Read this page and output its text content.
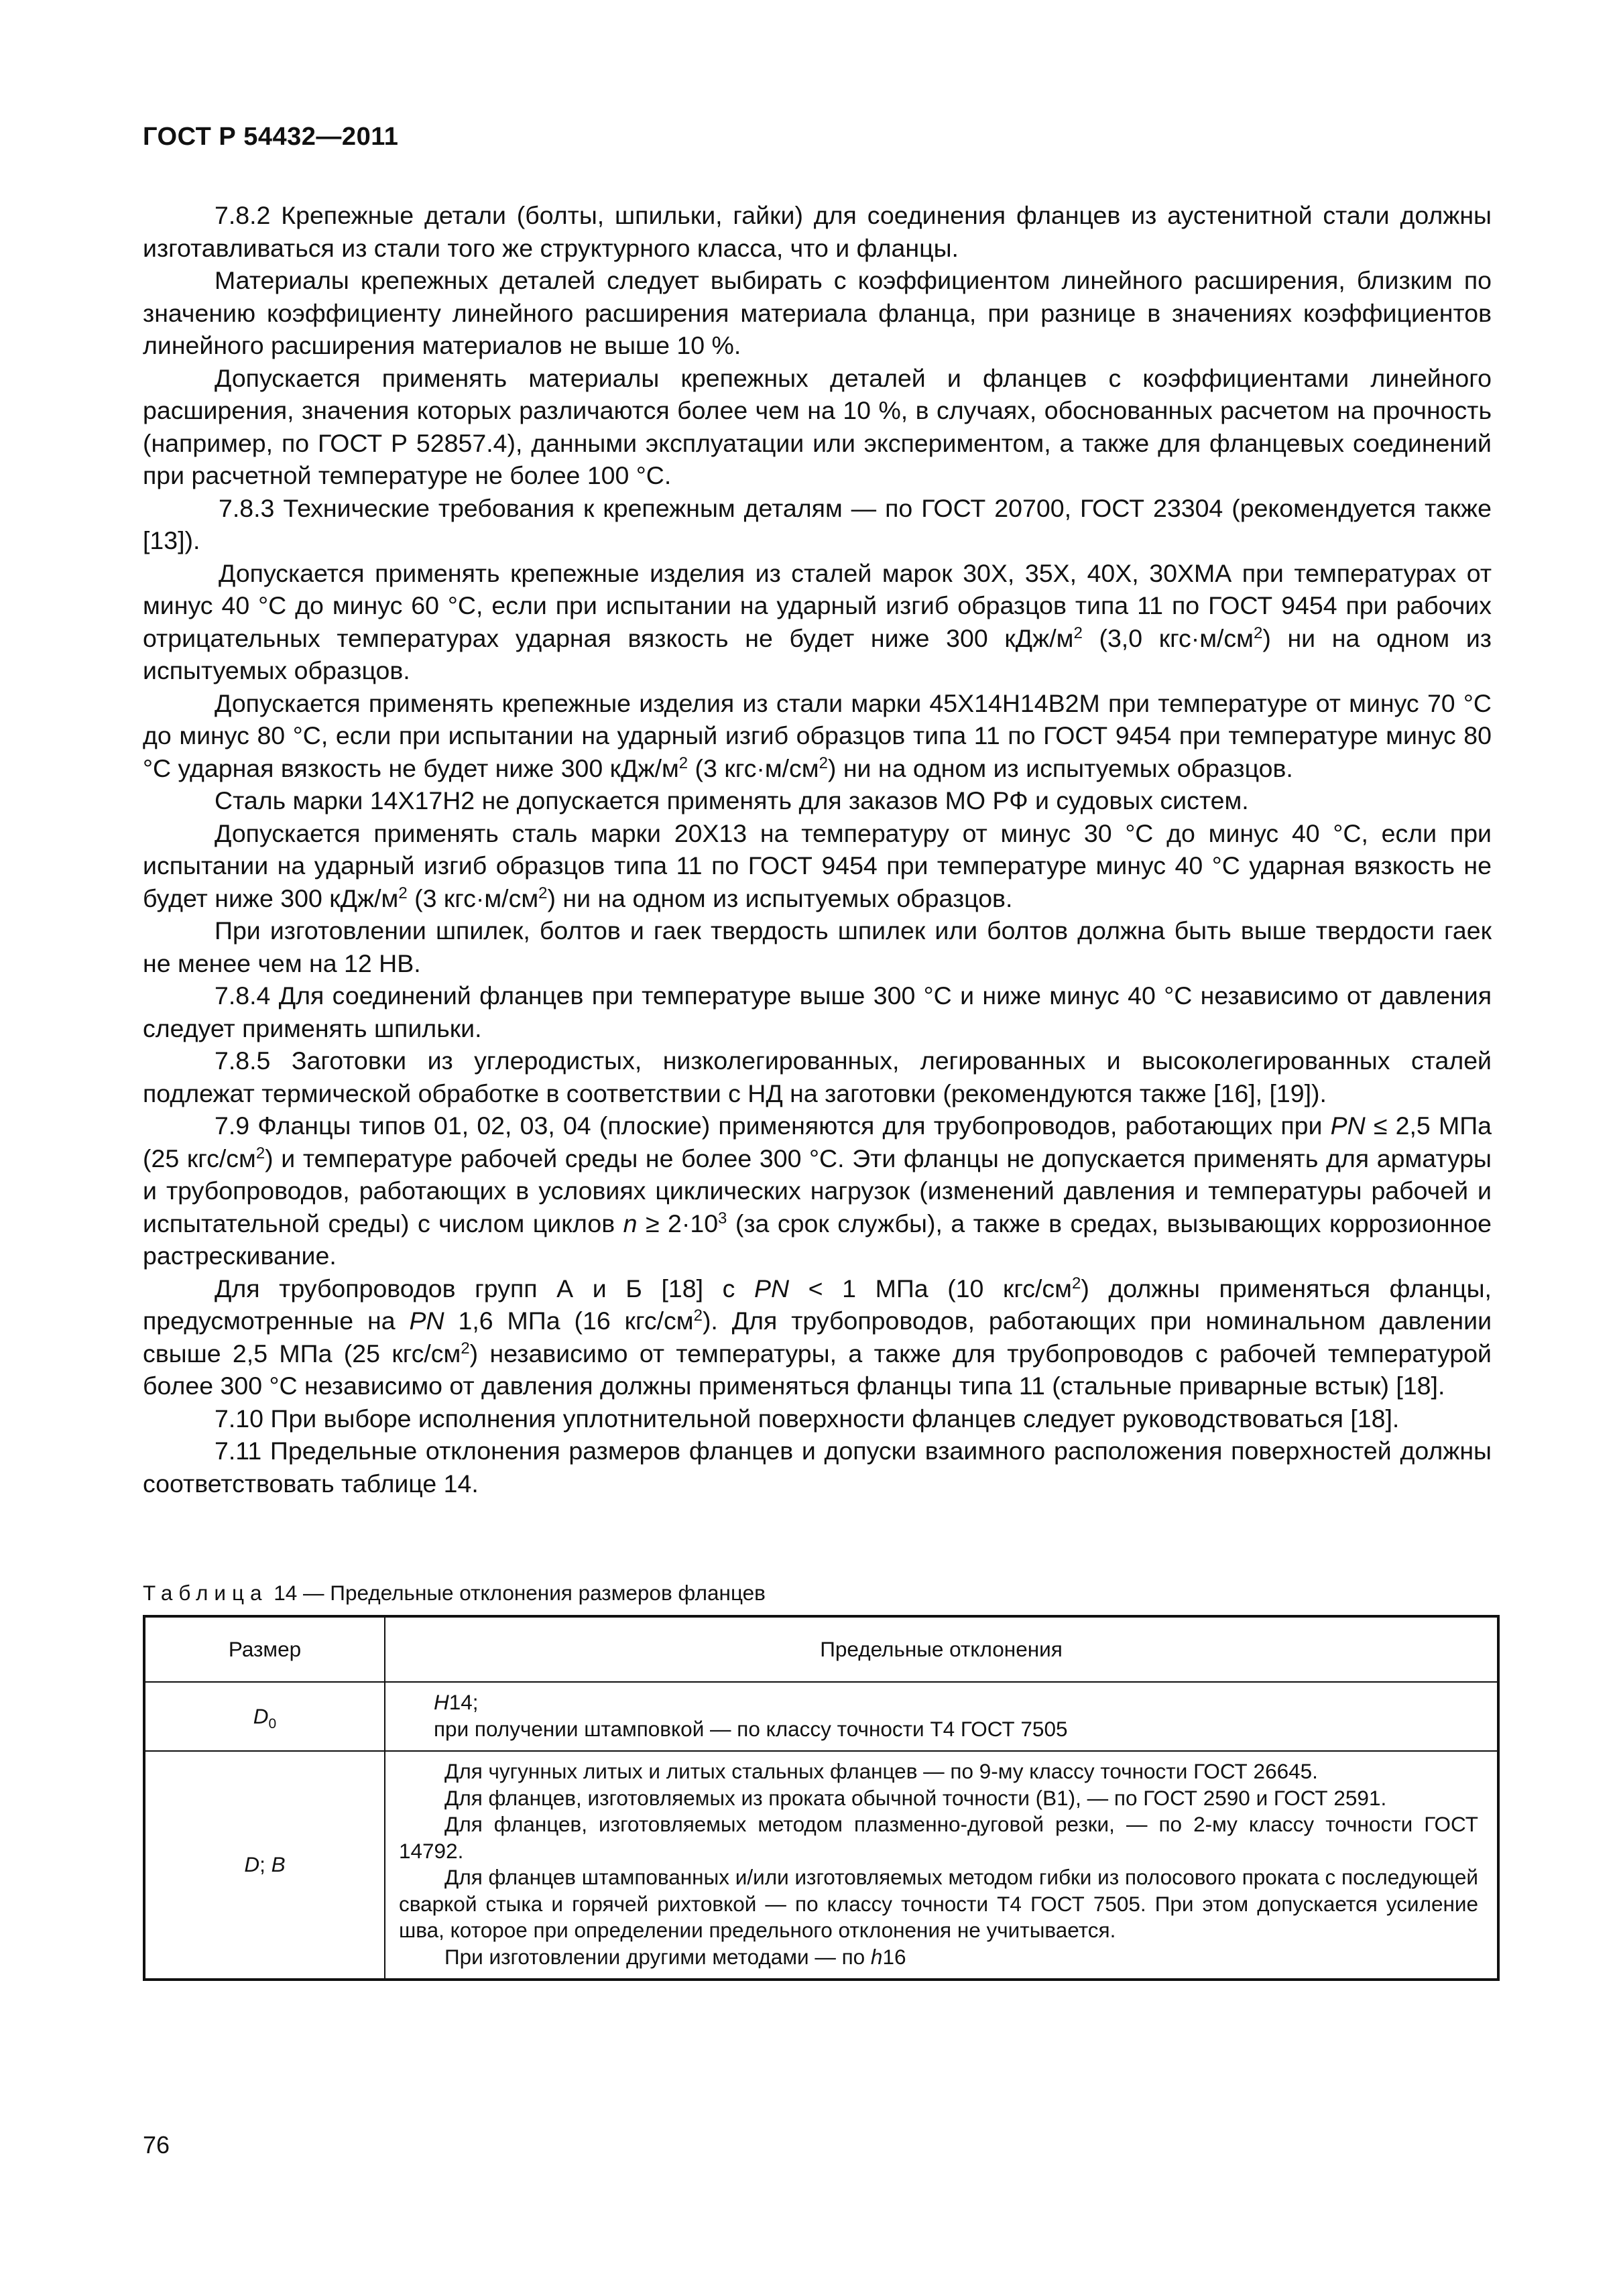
ГОСТ Р 54432—2011

7.8.2 Крепежные детали (болты, шпильки, гайки) для соединения фланцев из аустенитной стали должны изготавливаться из стали того же структурного класса, что и фланцы.

Материалы крепежных деталей следует выбирать с коэффициентом линейного расширения, близким по значению коэффициенту линейного расширения материала фланца, при разнице в значениях коэффициентов линейного расширения материалов не выше 10 %.

Допускается применять материалы крепежных деталей и фланцев с коэффициентами линейного расширения, значения которых различаются более чем на 10 %, в случаях, обоснованных расчетом на прочность (например, по ГОСТ Р 52857.4), данными эксплуатации или экспериментом, а также для фланцевых соединений при расчетной температуре не более 100 °С.

7.8.3 Технические требования к крепежным деталям — по ГОСТ 20700, ГОСТ 23304 (рекомендуется также [13]).

Допускается применять крепежные изделия из сталей марок 30Х, 35Х, 40Х, 30ХМА при температурах от минус 40 °С до минус 60 °С, если при испытании на ударный изгиб образцов типа 11 по ГОСТ 9454 при рабочих отрицательных температурах ударная вязкость не будет ниже 300 кДж/$м^2$ (3,0 $кгс\cdot м/см^2$) ни на одном из испытуемых образцов.

Допускается применять крепежные изделия из стали марки 45Х14Н14В2М при температуре от минус 70 °С до минус 80 °С, если при испытании на ударный изгиб образцов типа 11 по ГОСТ 9454 при температуре минус 80 °С ударная вязкость не будет ниже 300 кДж/$м^2$ (3 $кгс\cdot м/см^2$) ни на одном из испытуемых образцов.

Сталь марки 14Х17Н2 не допускается применять для заказов МО РФ и судовых систем.

Допускается применять сталь марки 20Х13 на температуру от минус 30 °С до минус 40 °С, если при испытании на ударный изгиб образцов типа 11 по ГОСТ 9454 при температуре минус 40 °С ударная вязкость не будет ниже 300 кДж/$м^2$ (3 $кгс\cdot м/см^2$) ни на одном из испытуемых образцов.

При изготовлении шпилек, болтов и гаек твердость шпилек или болтов должна быть выше твердости гаек не менее чем на 12 НВ.

7.8.4 Для соединений фланцев при температуре выше 300 °С и ниже минус 40 °С независимо от давления следует применять шпильки.

7.8.5 Заготовки из углеродистых, низколегированных, легированных и высоколегированных сталей подлежат термической обработке в соответствии с НД на заготовки (рекомендуются также [16], [19]).

7.9 Фланцы типов 01, 02, 03, 04 (плоские) применяются для трубопроводов, работающих при PN ≤ 2,5 МПа (25 кгс/$см^2$) и температуре рабочей среды не более 300 °С. Эти фланцы не допускается применять для арматуры и трубопроводов, работающих в условиях циклических нагрузок (изменений давления и температуры рабочей и испытательной среды) с числом циклов $n \ge 2\cdot 10^3$ (за срок службы), а также в средах, вызывающих коррозионное растрескивание.

Для трубопроводов групп А и Б [18] с PN < 1 МПа (10 кгс/$см^2$) должны применяться фланцы, предусмотренные на PN 1,6 МПа (16 кгс/$см^2$). Для трубопроводов, работающих при номинальном давлении свыше 2,5 МПа (25 кгс/$см^2$) независимо от температуры, а также для трубопроводов с рабочей температурой более 300 °С независимо от давления должны применяться фланцы типа 11 (стальные приварные встык) [18].

7.10 При выборе исполнения уплотнительной поверхности фланцев следует руководствоваться [18].

7.11 Предельные отклонения размеров фланцев и допуски взаимного расположения поверхностей должны соответствовать таблице 14.

Таблица 14 — Предельные отклонения размеров фланцев
Размер	Предельные отклонения
$D_0$	H14;

при получении штамповкой — по классу точности Т4 ГОСТ 7505

D; B	Для чугунных литых и литых стальных фланцев — по 9-му классу точности ГОСТ 26645.

Для фланцев, изготовляемых из проката обычной точности (В1), — по ГОСТ 2590 и ГОСТ 2591.

Для фланцев, изготовляемых методом плазменно-дуговой резки, — по 2-му классу точности ГОСТ 14792.

Для фланцев штампованных и/или изготовляемых методом гибки из полосового проката с последующей сваркой стыка и горячей рихтовкой — по классу точности Т4 ГОСТ 7505. При этом допускается усиление шва, которое при определении предельного отклонения не учитывается.

При изготовлении другими методами — по h16

76
